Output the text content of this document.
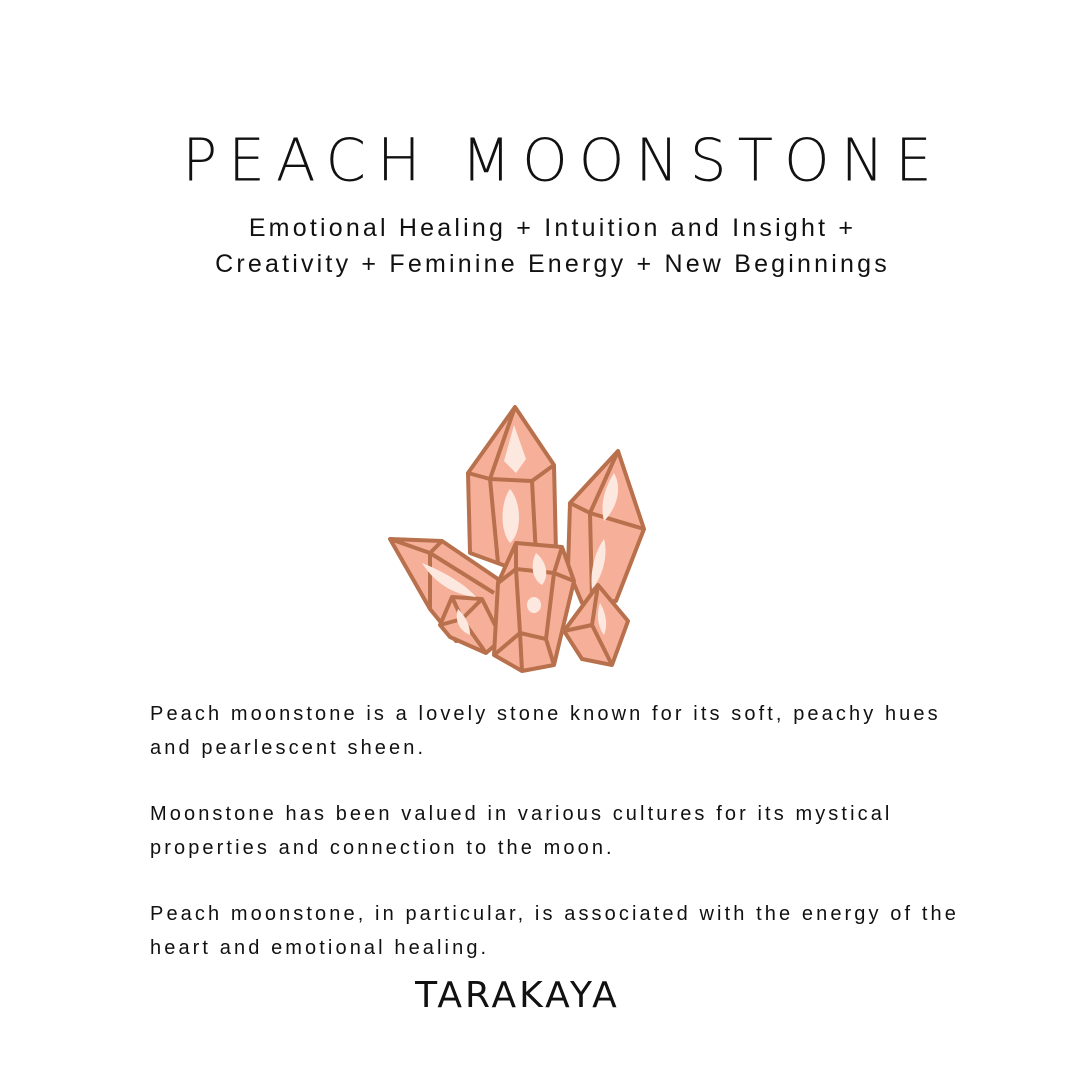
PEACH MOONSTONE
Emotional Healing + Intuition and Insight + Creativity + Feminine Energy + New Beginnings

Peach moonstone is a lovely stone known for its soft, peachy hues and pearlescent sheen.

Moonstone has been valued in various cultures for its mystical properties and connection to the moon.

Peach moonstone, in particular, is associated with the energy of the heart and emotional healing.

TARAKAYA
